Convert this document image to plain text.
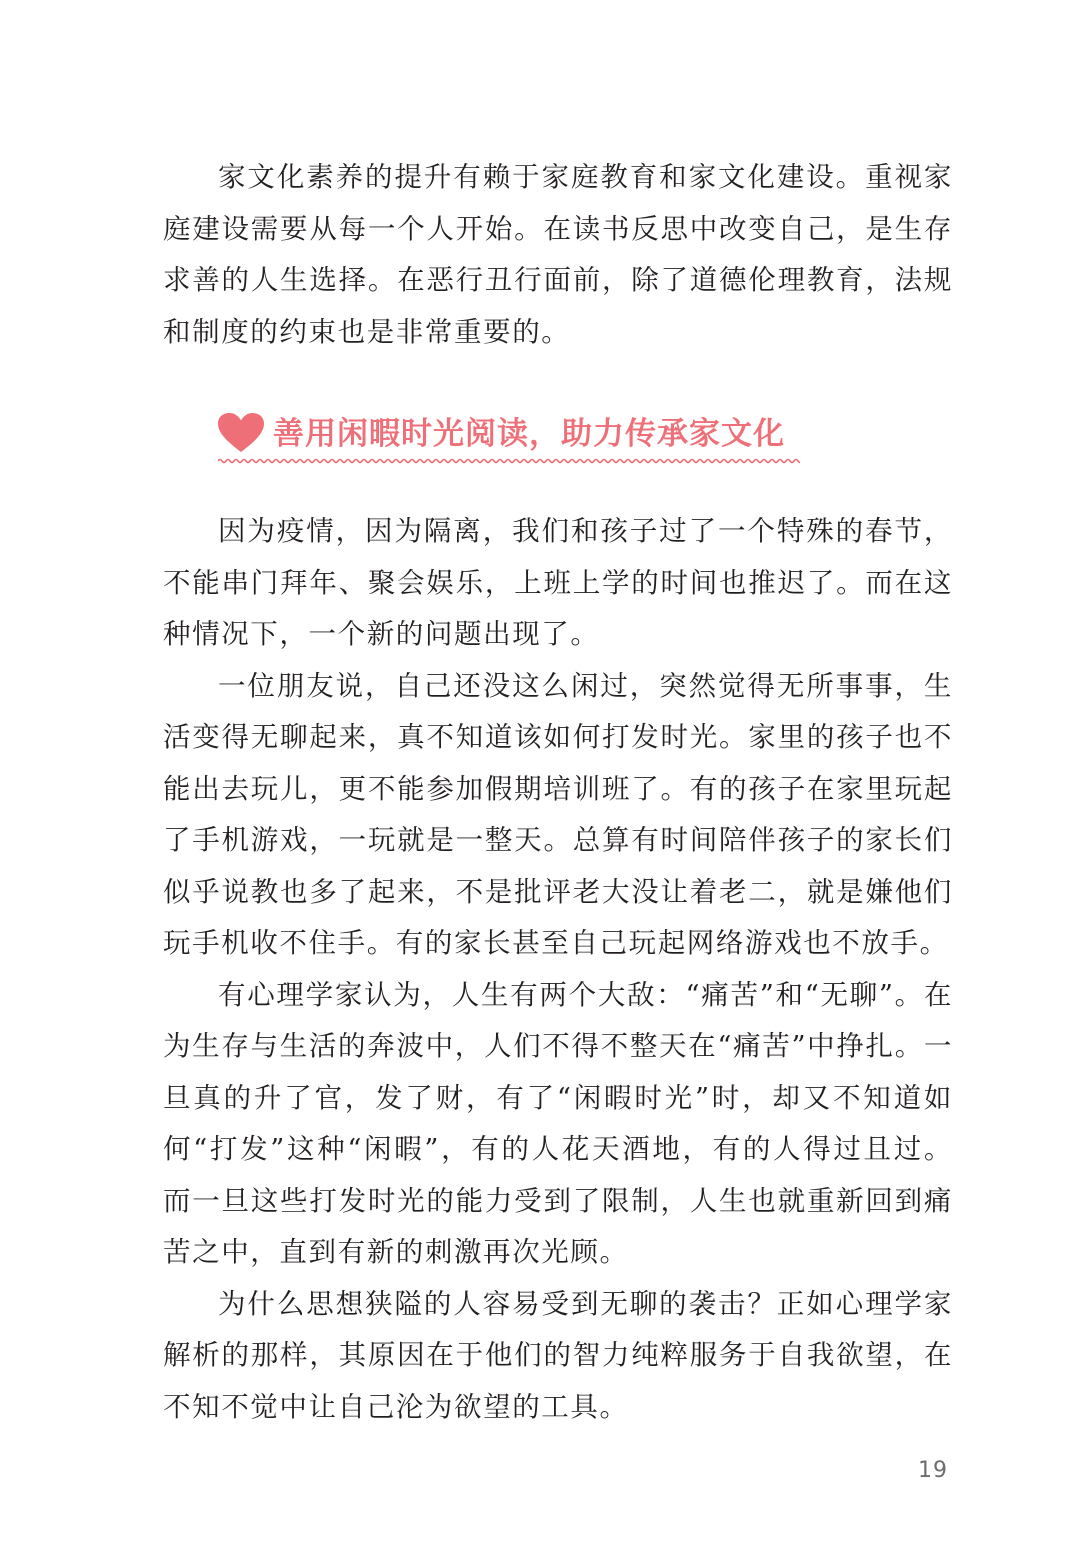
家文化素养的提升有赖于家庭教育和家文化建设。重视家庭建设需要从每一个人开始。在读书反思中改变自己，是生存求善的人生选择。在恶行丑行面前，除了道德伦理教育，法规和制度的约束也是非常重要的。

善用闲暇时光阅读，助力传承家文化

因为疫情，因为隔离，我们和孩子过了一个特殊的春节，不能串门拜年、聚会娱乐，上班上学的时间也推迟了。而在这种情况下，一个新的问题出现了。

一位朋友说，自己还没这么闲过，突然觉得无所事事，生活变得无聊起来，真不知道该如何打发时光。家里的孩子也不能出去玩儿，更不能参加假期培训班了。有的孩子在家里玩起了手机游戏，一玩就是一整天。总算有时间陪伴孩子的家长们似乎说教也多了起来，不是批评老大没让着老二，就是嫌他们玩手机收不住手。有的家长甚至自己玩起网络游戏也不放手。

有心理学家认为，人生有两个大敌：“痛苦”和“无聊”。在为生存与生活的奔波中，人们不得不整天在“痛苦”中挣扎。一旦真的升了官，发了财，有了“闲暇时光”时，却又不知道如何“打发”这种“闲暇”，有的人花天酒地，有的人得过且过。而一旦这些打发时光的能力受到了限制，人生也就重新回到痛苦之中，直到有新的刺激再次光顾。

为什么思想狭隘的人容易受到无聊的袭击？正如心理学家解析的那样，其原因在于他们的智力纯粹服务于自我欲望，在不知不觉中让自己沦为欲望的工具。

19
